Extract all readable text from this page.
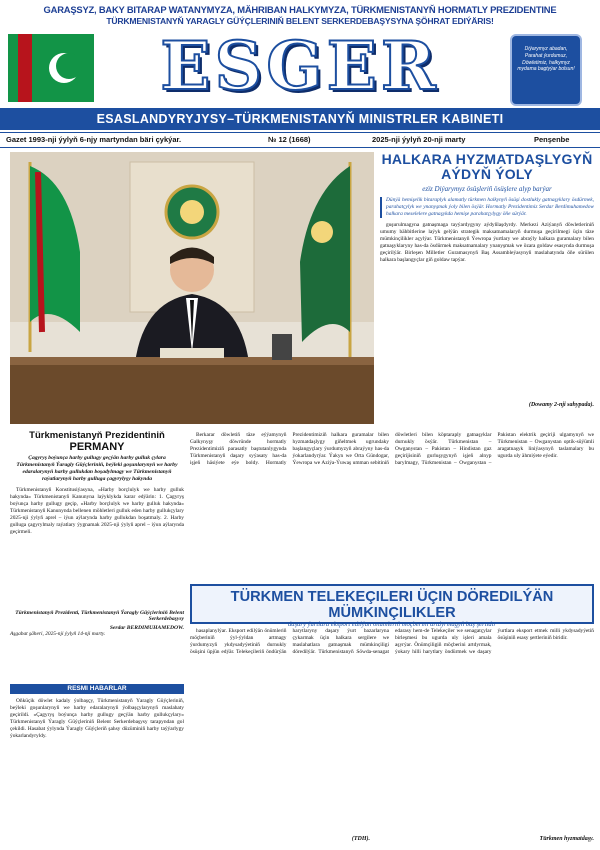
GARAŞSYZ, BAKY BITARAP WATANYMYZA, MÄHRIBAN HALKYMYZA, TÜRKMENISTANYŇ HORMATLY PREZIDENTINE
TÜRKMENISTANYŇ YARAGLY GÜÝÇLERINIŇ BELENT SERKERDEBAŞYSYNA ŞÖHRAT EDIÝÄRIS!
Diýarymyz abadan, Parahat ýurdumuz, Döwletimiz, halkymyz mydama bagtyýar bolsun!
ESGER
ESASLANDYRYJYSY–TÜRKMENISTANYŇ MINISTRLER KABINETI
Gazet 1993-nji ýylyň 6-njy martyndan bäri çykýar.	№ 12 (1668)	2025-nji ýylyň 20-nji marty	Penşenbe
HALKARA HYZMATDAŞLYGYŇ AÝDYŇ ÝOLY
ezïz Diýarymyz ösüşleriň ösüşlere alyp barýar
Dünýä hemişelik bitaraplyk alamatly türkmen halkynyň ösüşi dostlukly gatnaşyklary ösdürmek, parahatçylyk we ynanyşmak ýoly bilen ösýär. Hormatly Prezidentimiz Serdar Berdimuhamedow halkara meselelere gatnaşykda hemişe parahatçylygy öňe sürýär.

guşurulmagyna gatnaşmaga tayýardygyny aýdyňlaşdyrdy. Merkezi Aziýanyň döwletleriniň umumy bähbitlerine laýyk gelýän strategik maksatnamalaryň durmuşa geçirilmegi üçin täze mümkinçilikler açylýar. Türkmenistanyň Ýewropa ýurtlary we abraýly halkara guramalary bilen gatnaşyklaryny has-da ösdürmek maksatnamalary ynanyşmak we özara goldaw esasynda durmuşa geçirilýär. Birleşen Milletler Guramasynyň Baş Assambleýasynyň maslahatynda öňe sürülen halkara başlangyçlar giň goldaw tapýar.

(Dowamy 2-nji sahypada).
Türkmenistanyň Prezidentiniň
PERMANY
Çagyryş boýunça harby gullugy geçýän harby gulluk çylara Türkmenistanyň Ýaragly Güýçleriniň, beýleki goşunlarynyň we harby edaralarynyň harby gullukdan boşadylmagy we Türkmenistanyň raýatlarynyň harby gullugа çagyrylyşy hakynda

Türkmenistanyň Konstitusiýasyna, «Harby borçlulyk we harby gulluk hakynda» Türkmenistanyň Kanunyna laýyklykda karar edýärin: 1. Çagyryş boýunça harby gullugy geçip, «Harby borçlulyk we harby gulluk hakynda» Türkmenistanyň Kanunynda bellenen möhletleri gulluk eden harby gullukçylary 2025-nji ýylyň aprel – iýun aýlarynda harby gullukdan boşatmaly. 2. Harby gulluga çagyrylmaly raýatlary ýygnamak 2025-nji ýylyň aprel – iýun aýlarynda geçirmeli.

Türkmenistanyň Prezidenti, Türkmenistanyň Ýaragly Güýçleriniň Belent Serkerdebaşysy
Serdar BERDIMUHAMEDOW.
Aşgabat şäheri, 2025-nji ýylyň 14-nji marty.
RESMI HABARLAR

Öňküçik döwlet kadaly ýolbaşçy, Türkmenistanyň Ýaragly Güýçleriniň, beýleki goşunlarynyň we harby edaralarynyň ýolbaşçylarynyň maslahaty geçirildi. «Çagyryş boýunça harby gullugy geçýän harby gullukçylary» Türkmenistanyň Ýaragly Güýçleriniň Belent Serkerdebaşysy tarapyndan gol çekildi. Hasabat ýylynda Ýaragly Güýçleriň şahsy düzüminiň harby taýýarlygy ýokarlandyryldy.

Berkarar döwletiň täze eýýamynyň Galkynyşy döwründe hormatly Prezidentimiziň parasatly baştutanlygynda Türkmenistanyň daşary syýasaty has-da işjeň häsiýete eýe boldy. Hormatly Prezidentimiziň halkara guramalar bilen hyzmatdaşlygy giňeltmek ugrundaky başlangyçlary ýurdumyzyň abraýyny has-da ýokarlandyrýar. Ýakyn we Orta Gündogar, Ýewropa we Aziýa-Ýuwaş umman sebitiniň döwletleri bilen köptaraply gatnaşyklar durnukly ösýär. Türkmenistan – Owganystan – Pakistan – Hindistan gaz geçirijisiniň gurluşygynyň işjeň alnyp barylmagy, Türkmenistan – Owganystan – Pakistan elektrik geçiriji ulgamynyň we Türkmenistan – Owganystan optik-süýümli aragatnaşyk liniýasynyň taslamalary bu ugurda uly ähmiýete eýedir.

TÜRKMEN TELEKEÇILERI ÜÇIN DÖREDILÝÄN MÜMKINÇILIKLER
daşary ýurtlara eksport edilýän önümleriň möçberini artdyrmagyň baş şertidir

hasaplanylýar. Eksport edilýän önümleriň möçberiniň ýyl-ýyldan artmagy ýurdumyzyň ykdysadyýetiniň durnukly ösüşini üpjün edýär. Telekeçileriň öndürýän harytlaryny daşary ýurt bazarlaryna çykarmak üçin halkara sergilere we maslahatlara gatnaşmak mümkinçiligi döredilýär. Türkmenistanyň Söwda-senagat edarasy hem-de Telekeçiler we senagatçylar birleşmesi bu ugurda uly işleri amala aşyrýar. Önümçiligiň möçberini artdyrmak, ýokary hilli harytlary öndürmek we daşary ýurtlara eksport etmek milli ykdysadyýetiň ösüşiniň esasy şertleriniň biridir.

Türkmen hyzmatdaşy.
(TDH).
